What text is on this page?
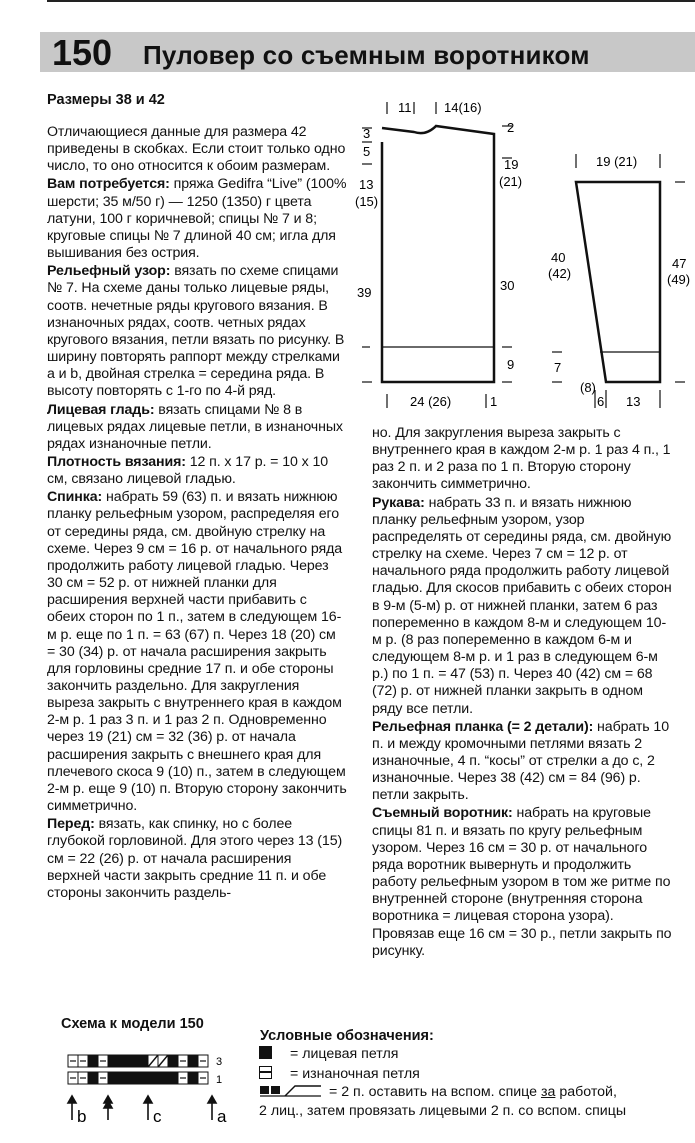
150 Пуловер со съемным воротником
Размеры 38 и 42

Отличающиеся данные для размера 42 приведены в скобках. Если стоит только одно число, то оно относится к обоим размерам.

Вам потребуется: пряжа Gedifra “Live” (100% шерсти; 35 м/50 г) — 1250 (1350) г цвета латуни, 100 г коричневой; спицы № 7 и 8; круговые спицы № 7 длиной 40 см; игла для вышивания без острия.

Рельефный узор: вязать по схеме спицами № 7. На схеме даны только лицевые ряды, соотв. нечетные ряды кругового вязания. В изнаночных рядах, соотв. четных рядах кругового вязания, петли вязать по рисунку. В ширину повторять раппорт между стрелками a и b, двойная стрелка = середина ряда. В высоту повторять с 1-го по 4-й ряд.

Лицевая гладь: вязать спицами № 8 в лицевых рядах лицевые петли, в изнаночных рядах изнаночные петли.

Плотность вязания: 12 п. х 17 р. = 10 х 10 см, связано лицевой гладью.

Спинка: набрать 59 (63) п. и вязать нижнюю планку рельефным узором, распределяя его от середины ряда, см. двойную стрелку на схеме. Через 9 см = 16 р. от начального ряда продолжить работу лицевой гладью. Через 30 см = 52 р. от нижней планки для расширения верхней части прибавить с обеих сторон по 1 п., затем в следующем 16-м р. еще по 1 п. = 63 (67) п. Через 18 (20) см = 30 (34) р. от начала расширения закрыть для горловины средние 17 п. и обе стороны закончить раздельно. Для закругления выреза закрыть с внутреннего края в каждом 2-м р. 1 раз 3 п. и 1 раз 2 п. Одновременно через 19 (21) см = 32 (36) р. от начала расширения закрыть с внешнего края для плечевого скоса 9 (10) п., затем в следующем 2-м р. еще 9 (10) п. Вторую сторону закончить симметрично.

Перед: вязать, как спинку, но с более глубокой горловиной. Для этого через 13 (15) см = 22 (26) р. от начала расширения верхней части закрыть средние 11 п. и обе стороны закончить раздель-

но. Для закругления выреза закрыть с внутреннего края в каждом 2-м р. 1 раз 4 п., 1 раз 2 п. и 2 раза по 1 п. Вторую сторону закончить симметрично.

Рукава: набрать 33 п. и вязать нижнюю планку рельефным узором, узор распределять от середины ряда, см. двойную стрелку на схеме. Через 7 см = 12 р. от начального ряда продолжить работу лицевой гладью. Для скосов прибавить с обеих сторон в 9-м (5-м) р. от нижней планки, затем 6 раз попеременно в каждом 8-м и следующем 10-м р. (8 раз попеременно в каждом 6-м и следующем 8-м р. и 1 раз в следующем 6-м р.) по 1 п. = 47 (53) п. Через 40 (42) см = 68 (72) р. от нижней планки закрыть в одном ряду все петли.

Рельефная планка (= 2 детали): набрать 10 п. и между кромочными петлями вязать 2 изнаночные, 4 п. “косы” от стрелки a до c, 2 изнаночные. Через 38 (42) см = 84 (96) р. петли закрыть.

Съемный воротник: набрать на круговые спицы 81 п. и вязать по кругу рельефным узором. Через 16 см = 30 р. от начального ряда воротник вывернуть и продолжить работу рельефным узором в том же ритме по внутренней стороне (внутренняя сторона воротника = лицевая сторона узора). Провязав еще 16 см = 30 р., петли закрыть по рисунку.

11	14(16)
3
5
13
(15)
39
2
19
(21)
30
9
24 (26)	1
19 (21)
40
(42)
7
47
(49)
(8)
6 13
Схема к модели 150
3
1
b	c	a
Условные обозначения:
= лицевая петля
= изнаночная петля
= 2 п. оставить на вспом. спице за работой,
2 лиц., затем провязать лицевыми 2 п. со вспом. спицы
